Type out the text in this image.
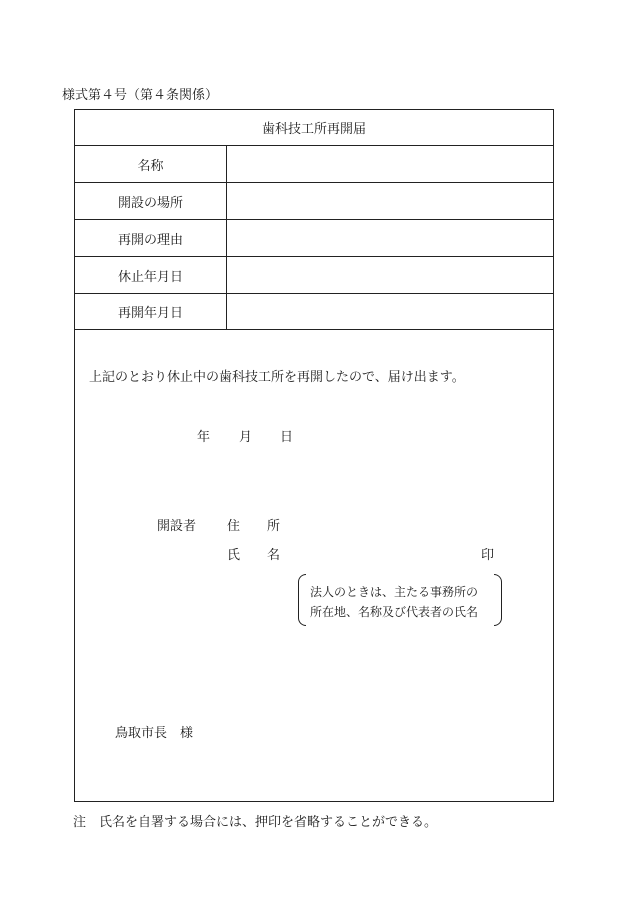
様式第４号（第４条関係）
歯科技工所再開届
名称
開設の場所
再開の理由
休止年月日
再開年月日
上記のとおり休止中の歯科技工所を再開したので、届け出ます。
年 月 日
開設者 住 所
氏 名	印
法人のときは、主たる事務所の
所在地、名称及び代表者の氏名
鳥取市長　様
注　氏名を自署する場合には、押印を省略することができる。
